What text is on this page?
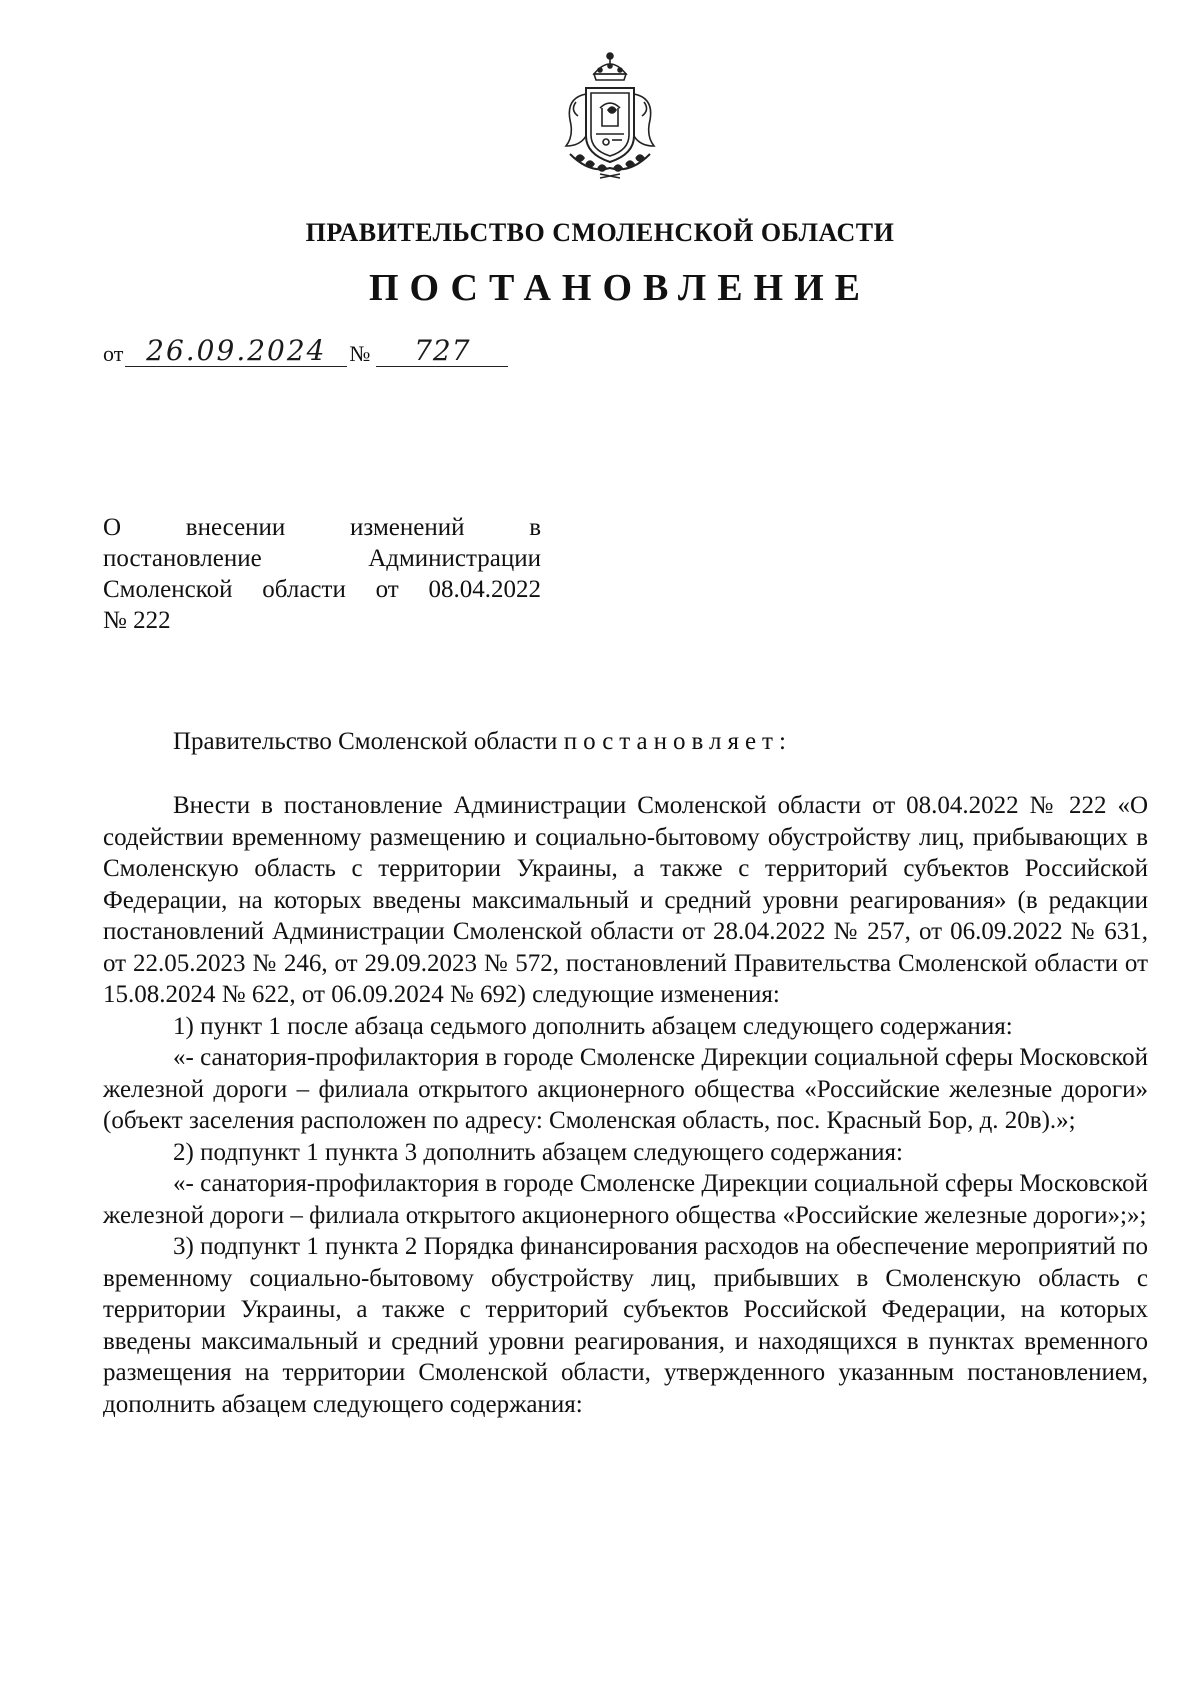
ПРАВИТЕЛЬСТВО СМОЛЕНСКОЙ ОБЛАСТИ
ПОСТАНОВЛЕНИЕ
от 26.09.2024	№	727
О внесении изменений в
постановление Администрации
Смоленской области от 08.04.2022
№ 222
Правительство Смоленской области постановляет:

Внести в постановление Администрации Смоленской области от 08.04.2022 № 222 «О содействии временному размещению и социально-бытовому обустройству лиц, прибывающих в Смоленскую область с территории Украины, а также с территорий субъектов Российской Федерации, на которых введены максимальный и средний уровни реагирования» (в редакции постановлений Администрации Смоленской области от 28.04.2022 № 257, от 06.09.2022 № 631, от 22.05.2023 № 246, от 29.09.2023 № 572, постановлений Правительства Смоленской области от 15.08.2024 № 622, от 06.09.2024 № 692) следующие изменения:

1) пункт 1 после абзаца седьмого дополнить абзацем следующего содержания:

«- санатория-профилактория в городе Смоленске Дирекции социальной сферы Московской железной дороги – филиала открытого акционерного общества «Российские железные дороги» (объект заселения расположен по адресу: Смоленская область, пос. Красный Бор, д. 20в).»;

2) подпункт 1 пункта 3 дополнить абзацем следующего содержания:

«- санатория-профилактория в городе Смоленске Дирекции социальной сферы Московской железной дороги – филиала открытого акционерного общества «Российские железные дороги»;»;

3) подпункт 1 пункта 2 Порядка финансирования расходов на обеспечение мероприятий по временному социально-бытовому обустройству лиц, прибывших в Смоленскую область с территории Украины, а также с территорий субъектов Российской Федерации, на которых введены максимальный и средний уровни реагирования, и находящихся в пунктах временного размещения на территории Смоленской области, утвержденного указанным постановлением, дополнить абзацем следующего содержания:
